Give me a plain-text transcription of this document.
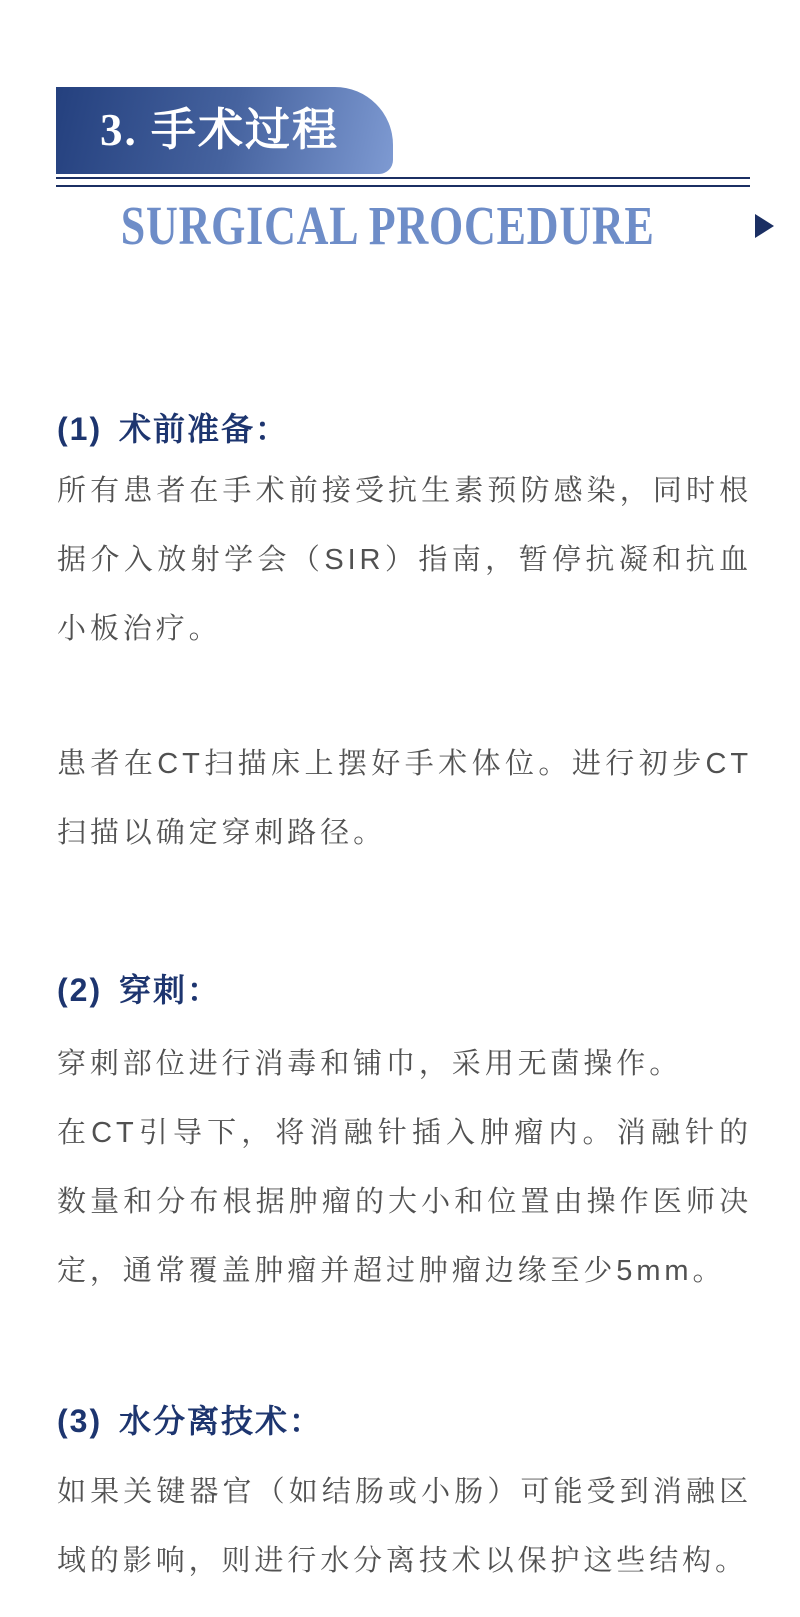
3. 手术过程
SURGICAL PROCEDURE

(1) 术前准备：

所有患者在手术前接受抗生素预防感染，同时根据介入放射学会（SIR）指南，暂停抗凝和抗血小板治疗。

患者在CT扫描床上摆好手术体位。进行初步CT扫描以确定穿刺路径。

(2) 穿刺：

穿刺部位进行消毒和铺巾，采用无菌操作。

在CT引导下，将消融针插入肿瘤内。消融针的数量和分布根据肿瘤的大小和位置由操作医师决定，通常覆盖肿瘤并超过肿瘤边缘至少5mm。

(3) 水分离技术：

如果关键器官（如结肠或小肠）可能受到消融区域的影响，则进行水分离技术以保护这些结构。
